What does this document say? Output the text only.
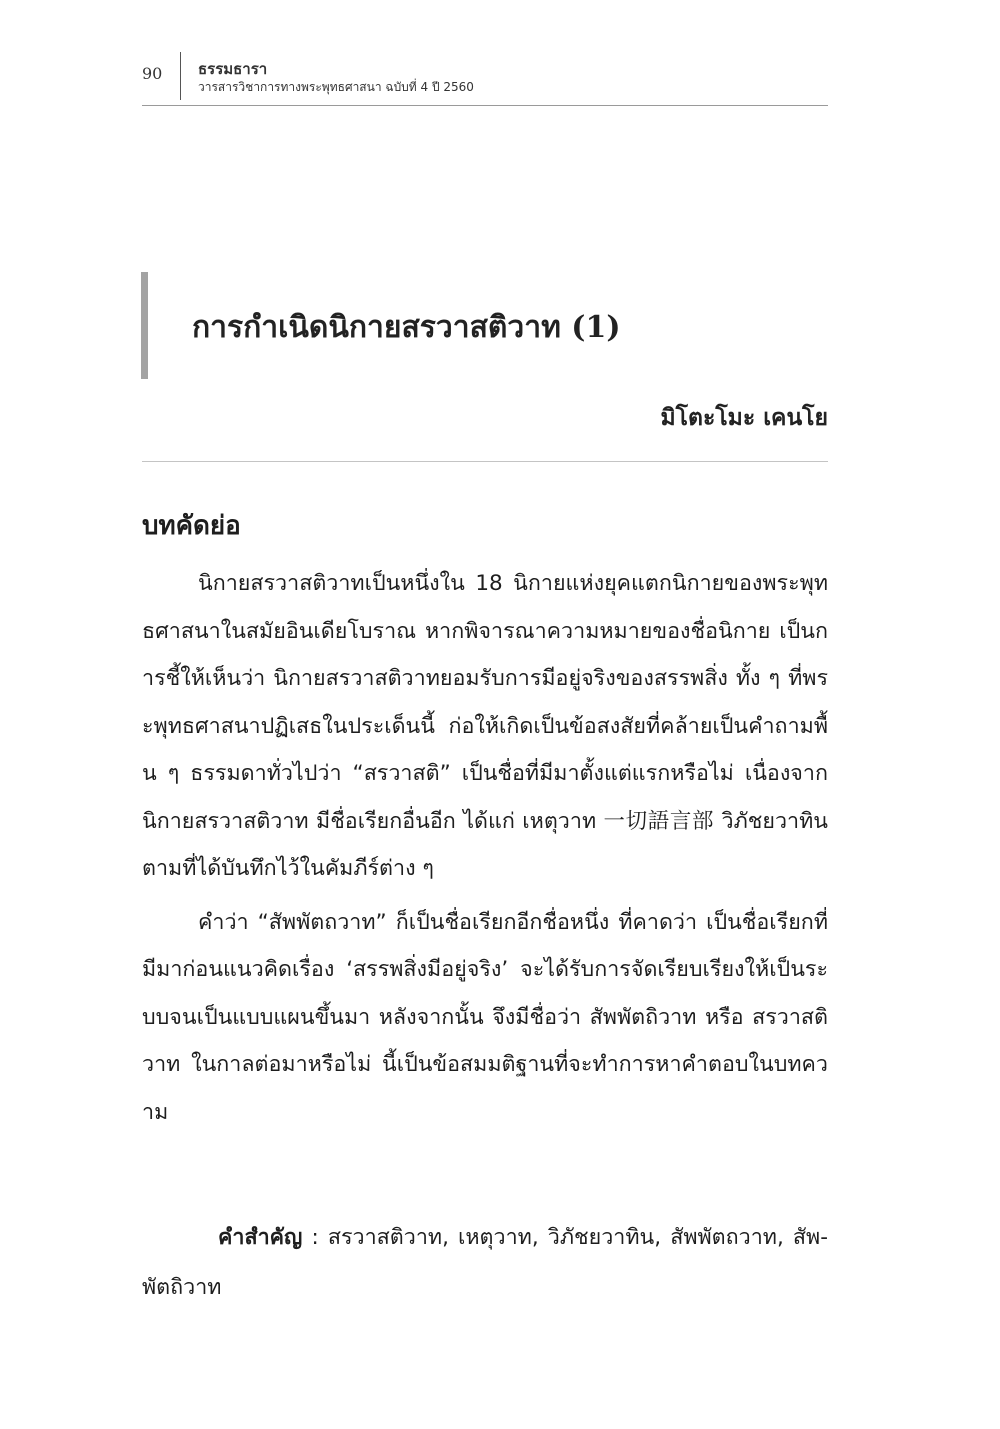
90	ธรรมธารา
วารสารวิชาการทางพระพุทธศาสนา ฉบับที่ 4 ปี 2560
การกำเนิดนิกายสรวาสติวาท (1)
มิโตะโมะ เคนโย
บทคัดย่อ

นิกายสรวาสติวาทเป็นหนึ่งใน 18 นิกายแห่งยุคแตกนิกายของพระพุทธศาสนาในสมัยอินเดียโบราณ หากพิจารณาความหมายของชื่อนิกาย เป็นการชี้ให้เห็นว่า นิกายสรวาสติวาทยอมรับการมีอยู่จริงของสรรพสิ่ง ทั้ง ๆ ที่พระพุทธศาสนาปฏิเสธในประเด็นนี้ ก่อให้เกิดเป็นข้อสงสัยที่คล้ายเป็นคำถามพื้น ๆ ธรรมดาทั่วไปว่า “สรวาสติ” เป็นชื่อที่มีมาตั้งแต่แรกหรือไม่ เนื่องจาก นิกายสรวาสติวาท มีชื่อเรียกอื่นอีก ได้แก่ เหตุวาท 一切語言部 วิภัชยวาทิน ตามที่ได้บันทึกไว้ในคัมภีร์ต่าง ๆ

คำว่า “สัพพัตถวาท” ก็เป็นชื่อเรียกอีกชื่อหนึ่ง ที่คาดว่า เป็นชื่อเรียกที่มีมาก่อนแนวคิดเรื่อง ‘สรรพสิ่งมีอยู่จริง’ จะได้รับการจัดเรียบเรียงให้เป็นระบบจนเป็นแบบแผนขึ้นมา หลังจากนั้น จึงมีชื่อว่า สัพพัตถิวาท หรือ สรวาสติวาท ในกาลต่อมาหรือไม่ นี้เป็นข้อสมมติฐานที่จะทำการหาคำตอบในบทความ

คำสำคัญ : สรวาสติวาท, เหตุวาท, วิภัชยวาทิน, สัพพัตถวาท, สัพ-พัตถิวาท
